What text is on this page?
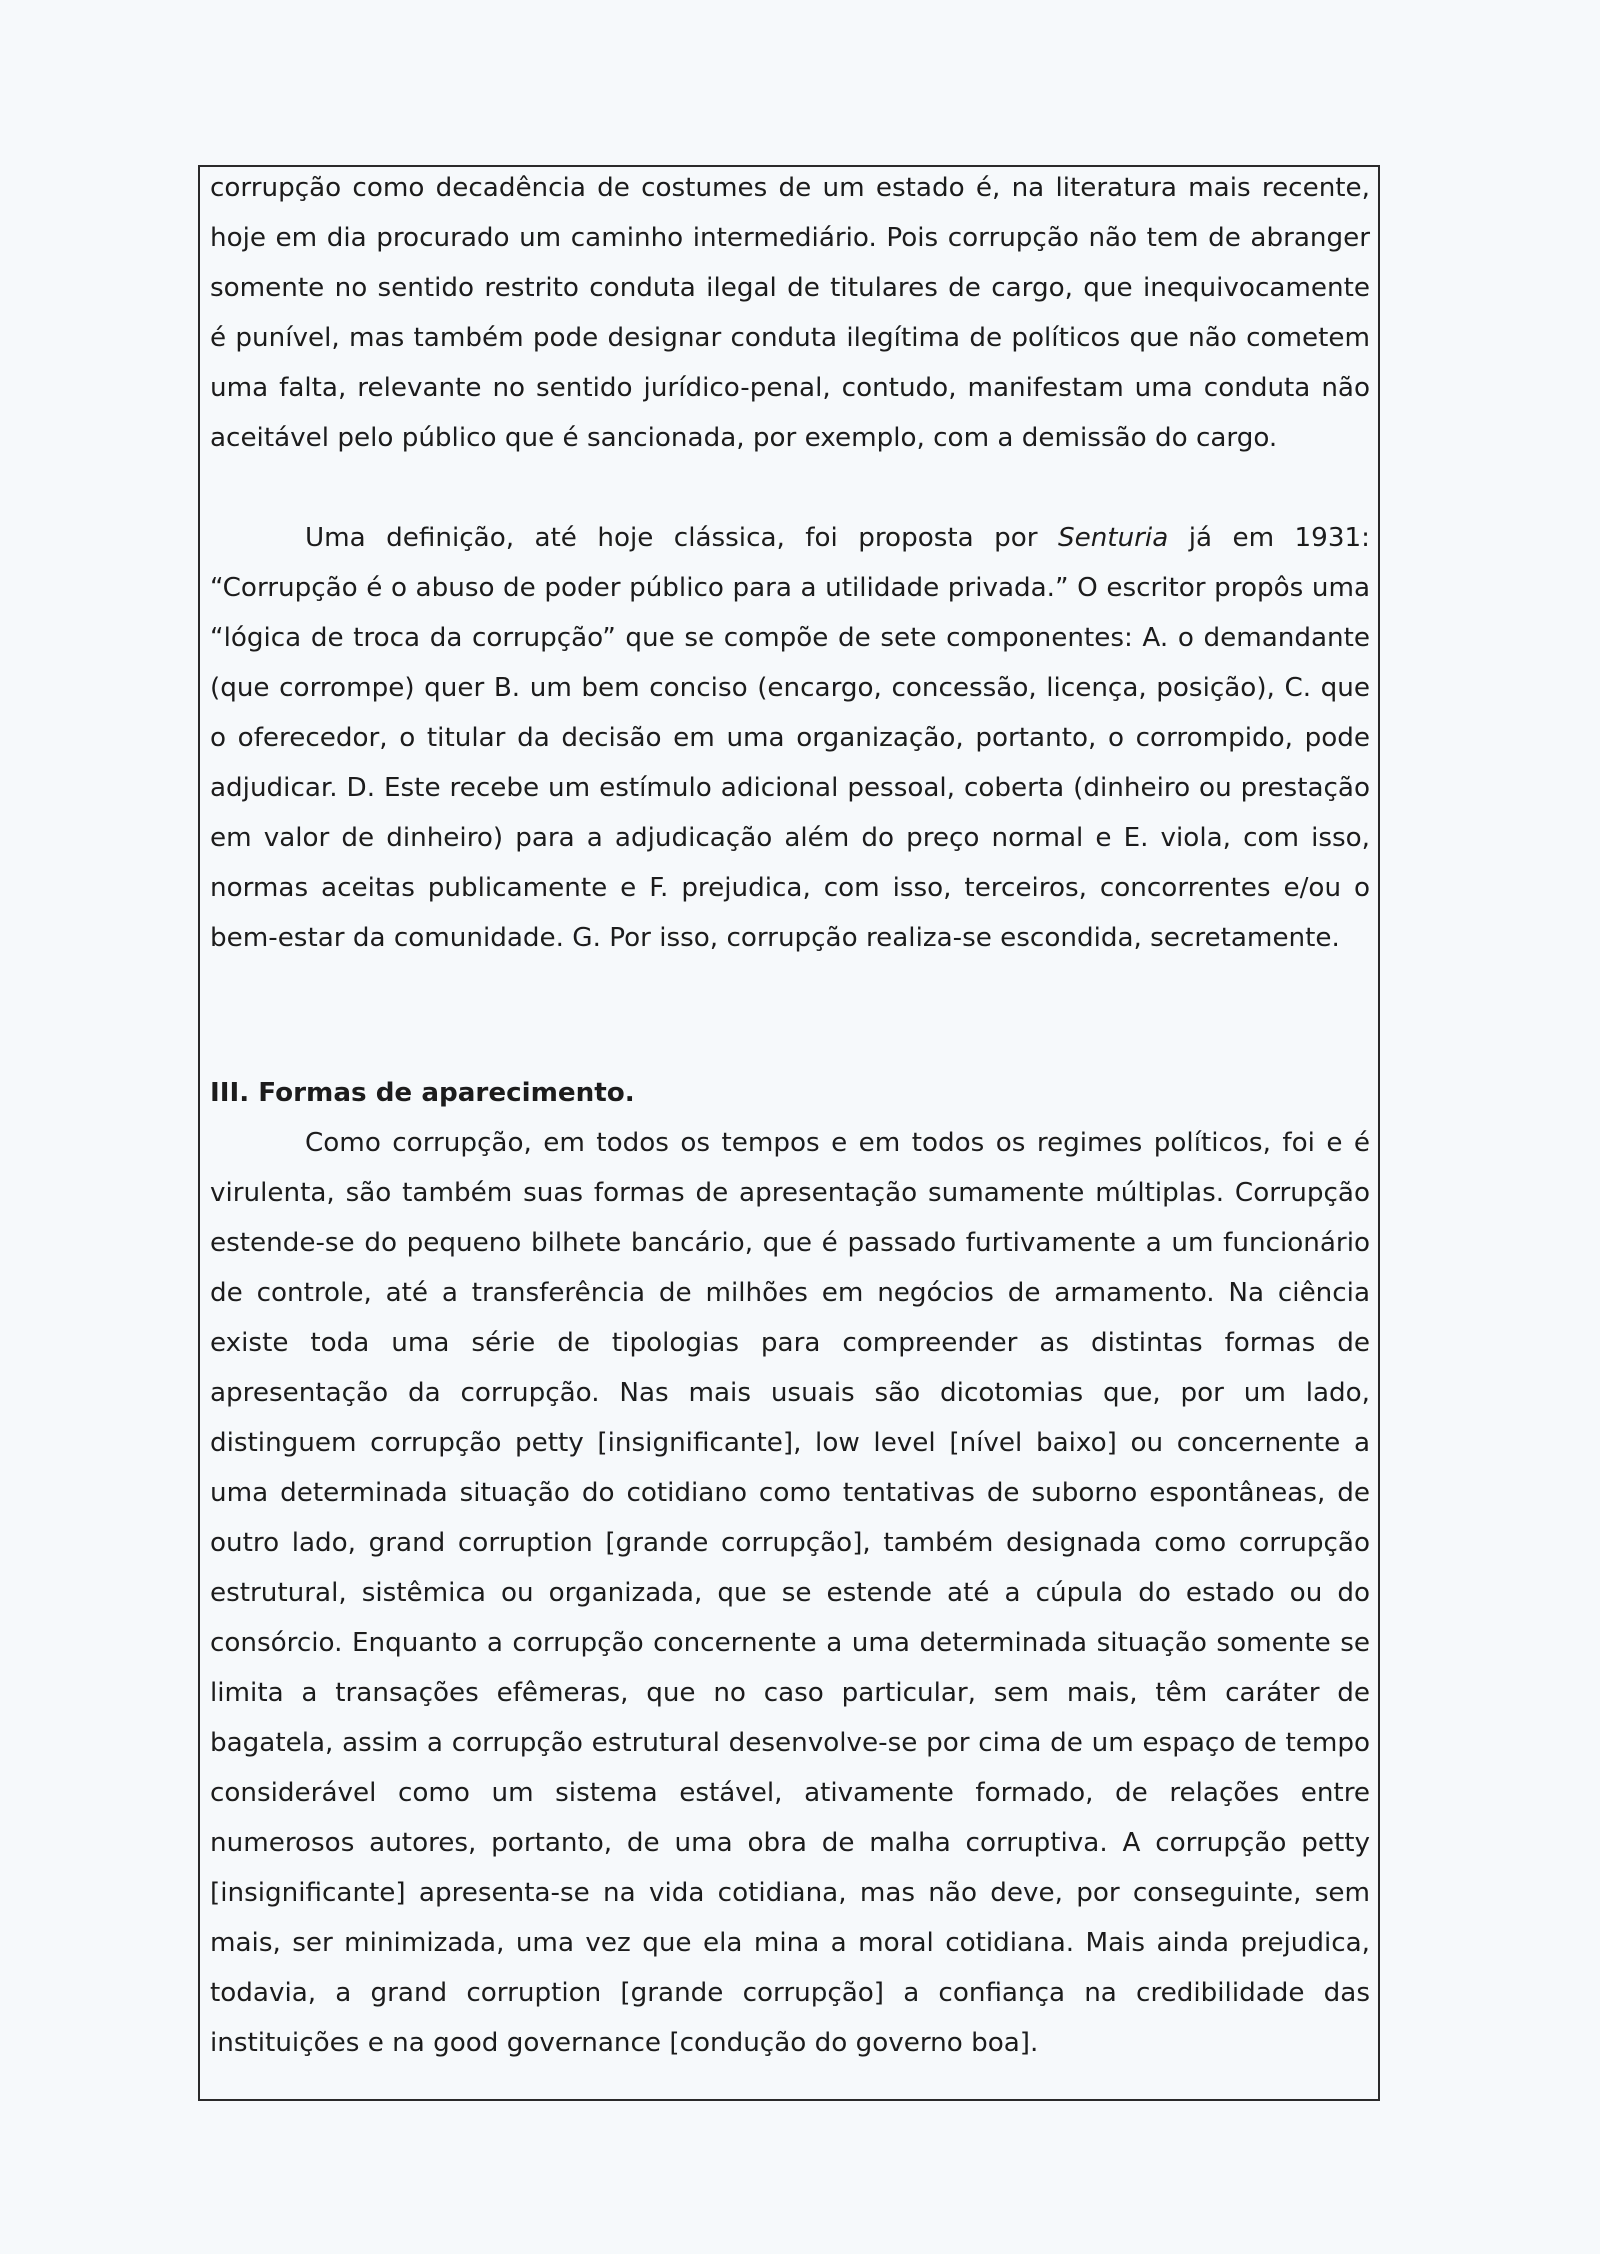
corrupção como decadência de costumes de um estado é, na literatura mais recente, hoje em dia procurado um caminho intermediário. Pois corrupção não tem de abranger somente no sentido restrito conduta ilegal de titulares de cargo, que inequivocamente é punível, mas também pode designar conduta ilegítima de políticos que não cometem uma falta, relevante no sentido jurídico-penal, contudo, manifestam uma conduta não aceitável pelo público que é sancionada, por exemplo, com a demissão do cargo.

Uma definição, até hoje clássica, foi proposta por Senturia já em 1931: “Corrupção é o abuso de poder público para a utilidade privada.” O escritor propôs uma “lógica de troca da corrupção” que se compõe de sete componentes: A. o demandante (que corrompe) quer B. um bem conciso (encargo, concessão, licença, posição), C. que o oferecedor, o titular da decisão em uma organização, portanto, o corrompido, pode adjudicar. D. Este recebe um estímulo adicional pessoal, coberta (dinheiro ou prestação em valor de dinheiro) para a adjudicação além do preço normal e E. viola, com isso, normas aceitas publicamente e F. prejudica, com isso, terceiros, concorrentes e/ou o bem-estar da comunidade. G. Por isso, corrupção realiza-se escondida, secretamente.

III. Formas de aparecimento.

Como corrupção, em todos os tempos e em todos os regimes políticos, foi e é virulenta, são também suas formas de apresentação sumamente múltiplas. Corrupção estende-se do pequeno bilhete bancário, que é passado furtivamente a um funcionário de controle, até a transferência de milhões em negócios de armamento. Na ciência existe toda uma série de tipologias para compreender as distintas formas de apresentação da corrupção. Nas mais usuais são dicotomias que, por um lado, distinguem corrupção petty [insignificante], low level [nível baixo] ou concernente a uma determinada situação do cotidiano como tentativas de suborno espontâneas, de outro lado, grand corruption [grande corrupção], também designada como corrupção estrutural, sistêmica ou organizada, que se estende até a cúpula do estado ou do consórcio. Enquanto a corrupção concernente a uma determinada situação somente se limita a transações efêmeras, que no caso particular, sem mais, têm caráter de bagatela, assim a corrupção estrutural desenvolve-se por cima de um espaço de tempo considerável como um sistema estável, ativamente formado, de relações entre numerosos autores, portanto, de uma obra de malha corruptiva. A corrupção petty [insignificante] apresenta-se na vida cotidiana, mas não deve, por conseguinte, sem mais, ser minimizada, uma vez que ela mina a moral cotidiana. Mais ainda prejudica, todavia, a grand corruption [grande corrupção] a confiança na credibilidade das instituições e na good governance [condução do governo boa].
